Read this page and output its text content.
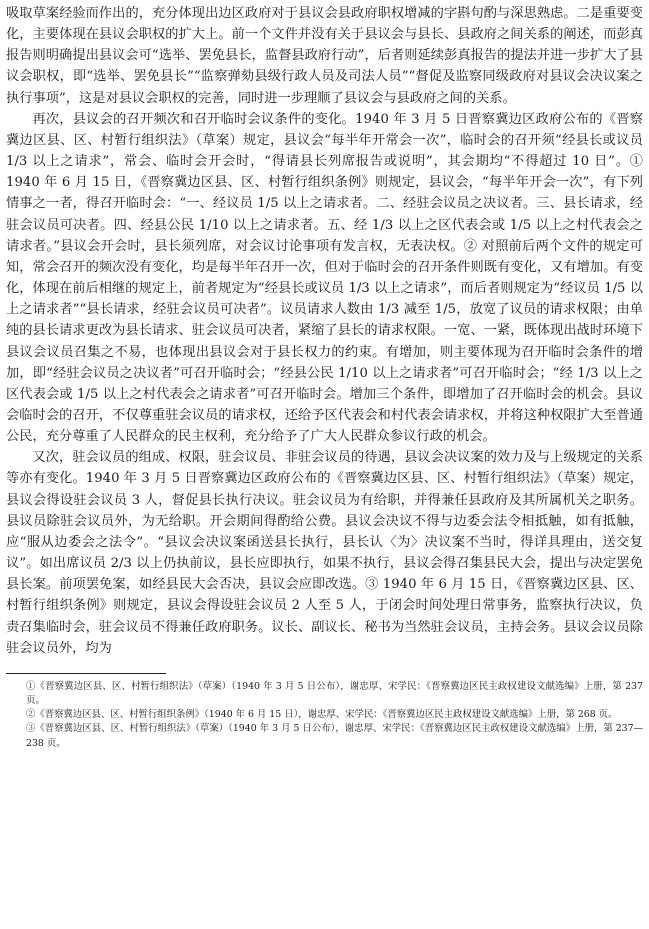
吸取草案经验而作出的，充分体现出边区政府对于县议会县政府职权增减的字斟句酌与深思熟虑。二是重要变化，主要体现在县议会职权的扩大上。前一个文件并没有关于县议会与县长、县政府之间关系的阐述，而彭真报告则明确提出县议会可“选举、罢免县长，监督县政府行动”，后者则延续彭真报告的提法并进一步扩大了县议会职权，即“选举、罢免县长”“监察弹劾县级行政人员及司法人员”“督促及监察同级政府对县议会决议案之执行事项”，这是对县议会职权的完善，同时进一步理顺了县议会与县政府之间的关系。

再次，县议会的召开频次和召开临时会议条件的变化。1940 年 3 月 5 日晋察冀边区政府公布的《晋察冀边区县、区、村暂行组织法》（草案）规定，县议会“每半年开常会一次”，临时会的召开须“经县长或议员 1/3 以上之请求”，常会、临时会开会时，“得请县长列席报告或说明”，其会期均“不得超过 10 日”。① 1940 年 6 月 15 日，《晋察冀边区县、区、村暂行组织条例》则规定，县议会，“每半年开会一次”，有下列情事之一者，得召开临时会：“一、经议员 1/5 以上之请求者。二、经驻会议员之决议者。三、县长请求，经驻会议员可决者。四、经县公民 1/10 以上之请求者。五、经 1/3 以上之区代表会或 1/5 以上之村代表会之请求者。”县议会开会时，县长须列席，对会议讨论事项有发言权，无表决权。② 对照前后两个文件的规定可知，常会召开的频次没有变化，均是每半年召开一次，但对于临时会的召开条件则既有变化，又有增加。有变化，体现在前后相继的规定上，前者规定为“经县长或议员 1/3 以上之请求”，而后者则规定为“经议员 1/5 以上之请求者”“县长请求，经驻会议员可决者”。议员请求人数由 1/3 减至 1/5，放宽了议员的请求权限；由单纯的县长请求更改为县长请求、驻会议员可决者，紧缩了县长的请求权限。一宽、一紧，既体现出战时环境下县议会议员召集之不易，也体现出县议会对于县长权力的约束。有增加，则主要体现为召开临时会条件的增加，即“经驻会议员之决议者”可召开临时会；“经县公民 1/10 以上之请求者”可召开临时会；“经 1/3 以上之区代表会或 1/5 以上之村代表会之请求者”可召开临时会。增加三个条件，即增加了召开临时会的机会。县议会临时会的召开，不仅尊重驻会议员的请求权，还给予区代表会和村代表会请求权，并将这种权限扩大至普通公民，充分尊重了人民群众的民主权利，充分给予了广大人民群众参议行政的机会。

又次，驻会议员的组成、权限，驻会议员、非驻会议员的待遇，县议会决议案的效力及与上级规定的关系等亦有变化。1940 年 3 月 5 日晋察冀边区政府公布的《晋察冀边区县、区、村暂行组织法》（草案）规定，县议会得设驻会议员 3 人，督促县长执行决议。驻会议员为有给职，并得兼任县政府及其所属机关之职务。县议员除驻会议员外，为无给职。开会期间得酌给公费。县议会决议不得与边委会法令相抵触，如有抵触，应“服从边委会之法令”。“县议会决议案函送县长执行，县长认〈为〉决议案不当时，得详具理由，送交复议”。如出席议员 2/3 以上仍执前议，县长应即执行，如果不执行，县议会得召集县民大会，提出与决定罢免县长案。前项罢免案，如经县民大会否决，县议会应即改选。③ 1940 年 6 月 15 日，《晋察冀边区县、区、村暂行组织条例》则规定，县议会得设驻会议员 2 人至 5 人，于闭会时间处理日常事务，监察执行决议，负责召集临时会，驻会议员不得兼任政府职务。议长、副议长、秘书为当然驻会议员，主持会务。县议会议员除驻会议员外，均为

①《晋察冀边区县、区、村暂行组织法》（草案）（1940 年 3 月 5 日公布），谢忠厚、宋学民：《晋察冀边区民主政权建设文献选编》上册，第 237 页。

②《晋察冀边区县、区、村暂行组织条例》（1940 年 6 月 15 日），谢忠厚、宋学民：《晋察冀边区民主政权建设文献选编》上册，第 268 页。

③《晋察冀边区县、区、村暂行组织法》（草案）（1940 年 3 月 5 日公布），谢忠厚、宋学民：《晋察冀边区民主政权建设文献选编》上册，第 237—238 页。
